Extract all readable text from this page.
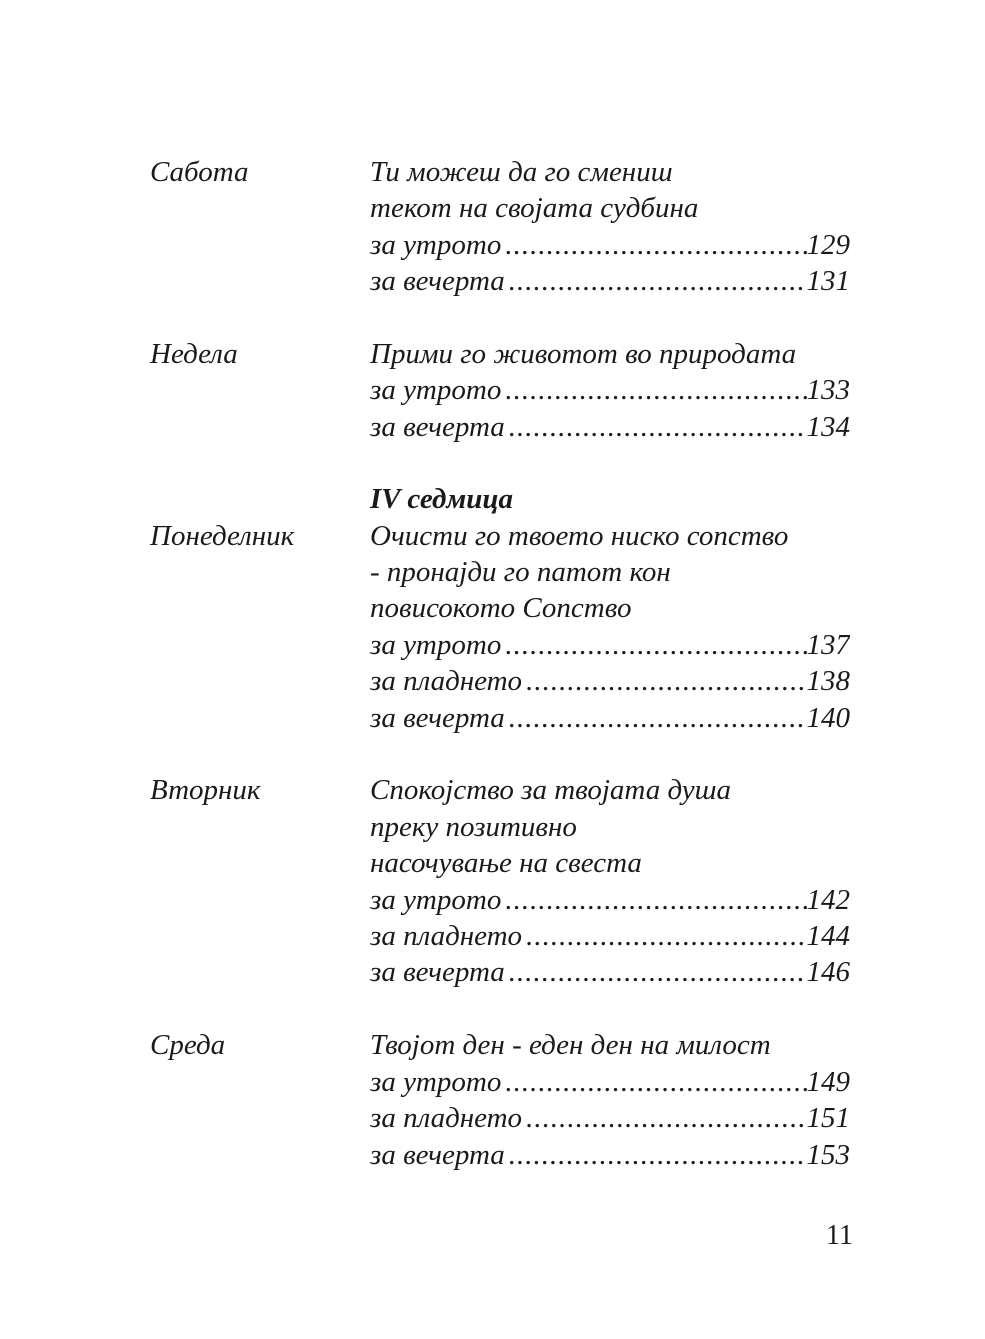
Сабота	Ти можеш да го смениш
текот на својата судбина
за утрото .....	129
за вечерта .....	131
Недела	Прими го животот во природата
за утрото .....	133
за вечерта .....	134
IV седмица
Понеделник	Очисти го твоето ниско сопство
- пронајди го патот кон
повисокото Сопство
за утрото .....	137
за пладнето .....	138
за вечерта .....	140
Вторник	Спокојство за твојата душа
преку позитивно
насочување на свеста
за утрото .....	142
за пладнето .....	144
за вечерта .....	146
Среда	Твојот ден - еден ден на милост
за утрото .....	149
за пладнето .....	151
за вечерта .....	153
11
